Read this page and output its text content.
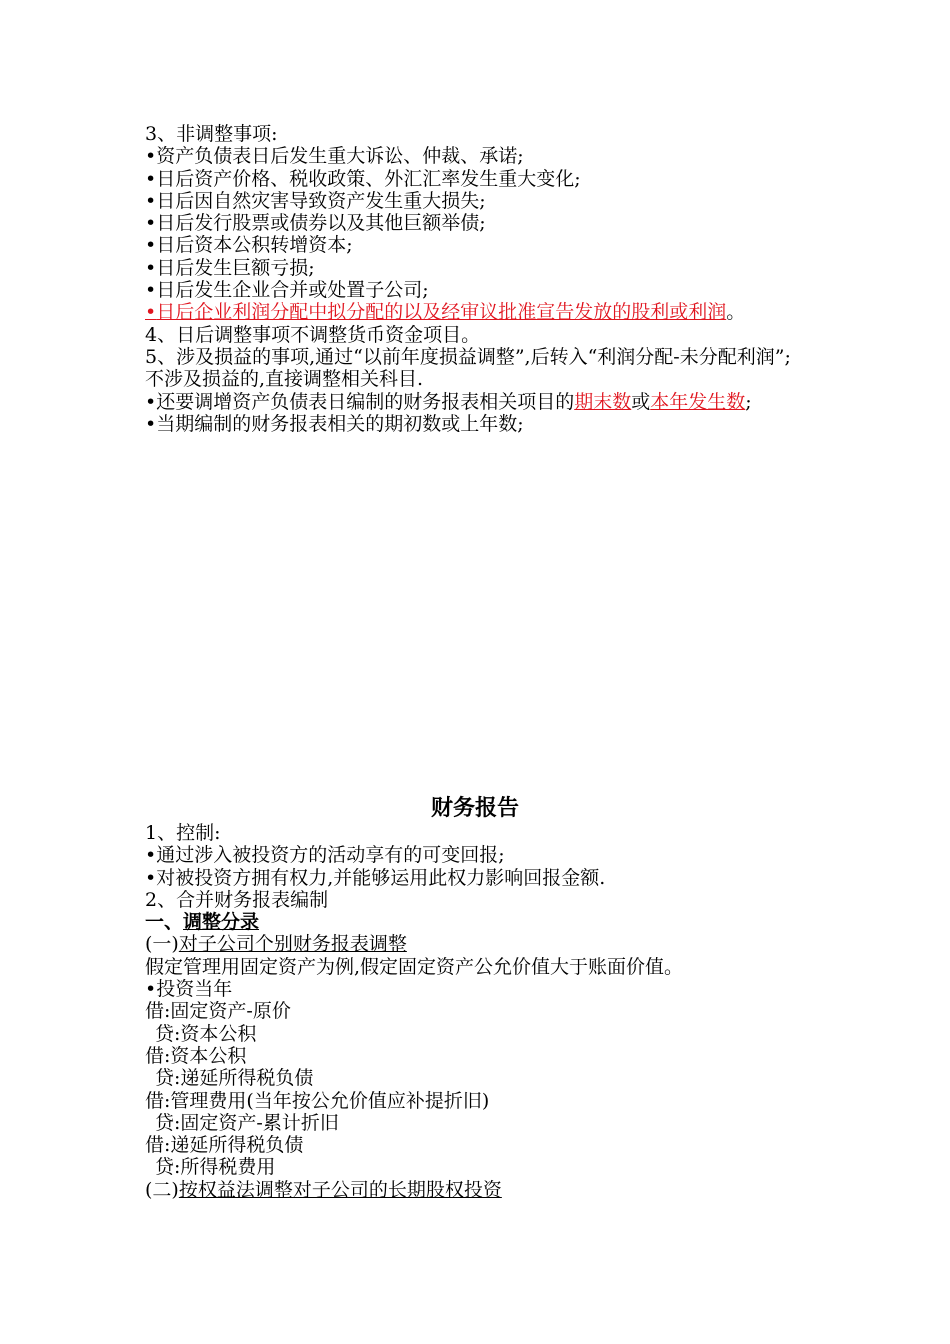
3、非调整事项:
•资产负债表日后发生重大诉讼、仲裁、承诺;
•日后资产价格、税收政策、外汇汇率发生重大变化;
•日后因自然灾害导致资产发生重大损失;
•日后发行股票或债券以及其他巨额举债;
•日后资本公积转增资本;
•日后发生巨额亏损;
•日后发生企业合并或处置子公司;
•日后企业利润分配中拟分配的以及经审议批准宣告发放的股利或利润。
4、日后调整事项不调整货币资金项目。
5、涉及损益的事项,通过“以前年度损益调整”,后转入“利润分配-未分配利润”;不涉及损益的,直接调整相关科目.
•还要调增资产负债表日编制的财务报表相关项目的期末数或本年发生数;
•当期编制的财务报表相关的期初数或上年数;
财务报告
1、控制:
•通过涉入被投资方的活动享有的可变回报;
•对被投资方拥有权力,并能够运用此权力影响回报金额.
2、合并财务报表编制
一、调整分录
(一)对子公司个别财务报表调整
假定管理用固定资产为例,假定固定资产公允价值大于账面价值。
•投资当年
借:固定资产-原价
贷:资本公积
借:资本公积
贷:递延所得税负债
借:管理费用(当年按公允价值应补提折旧)
贷:固定资产-累计折旧
借:递延所得税负债
贷:所得税费用
(二)按权益法调整对子公司的长期股权投资
